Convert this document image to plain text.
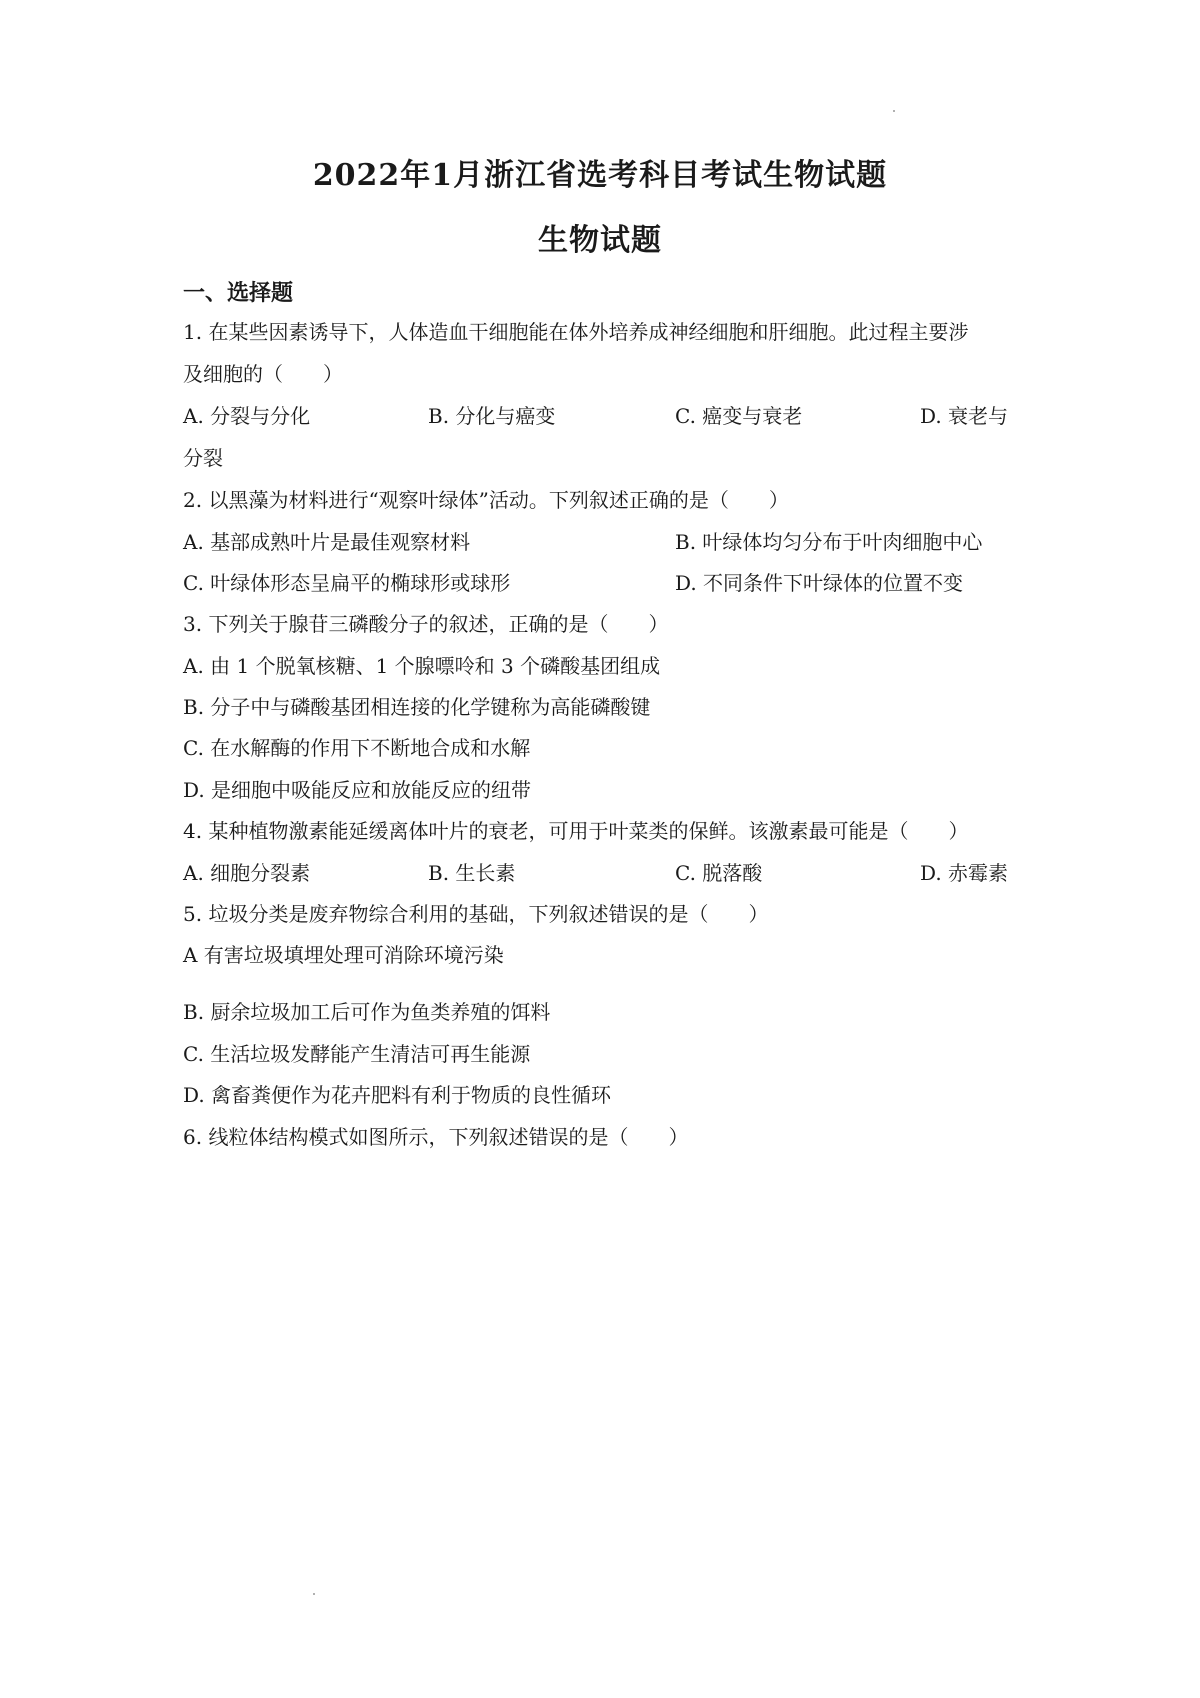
2022年1月浙江省选考科目考试生物试题
生物试题
一、选择题
1. 在某些因素诱导下，人体造血干细胞能在体外培养成神经细胞和肝细胞。此过程主要涉
及细胞的（　　）
A. 分裂与分化	B. 分化与癌变	C. 癌变与衰老	D. 衰老与
分裂
2. 以黑藻为材料进行“观察叶绿体”活动。下列叙述正确的是（　　）
A. 基部成熟叶片是最佳观察材料	B. 叶绿体均匀分布于叶肉细胞中心
C. 叶绿体形态呈扁平的椭球形或球形	D. 不同条件下叶绿体的位置不变
3. 下列关于腺苷三磷酸分子的叙述，正确的是（　　）
A. 由 1 个脱氧核糖、1 个腺嘌呤和 3 个磷酸基团组成
B. 分子中与磷酸基团相连接的化学键称为高能磷酸键
C. 在水解酶的作用下不断地合成和水解
D. 是细胞中吸能反应和放能反应的纽带
4. 某种植物激素能延缓离体叶片的衰老，可用于叶菜类的保鲜。该激素最可能是（　　）
A. 细胞分裂素	B. 生长素	C. 脱落酸	D. 赤霉素
5. 垃圾分类是废弃物综合利用的基础，下列叙述错误的是（　　）
A 有害垃圾填埋处理可消除环境污染
B. 厨余垃圾加工后可作为鱼类养殖的饵料
C. 生活垃圾发酵能产生清洁可再生能源
D. 禽畜粪便作为花卉肥料有利于物质的良性循环
6. 线粒体结构模式如图所示，下列叙述错误的是（　　）
